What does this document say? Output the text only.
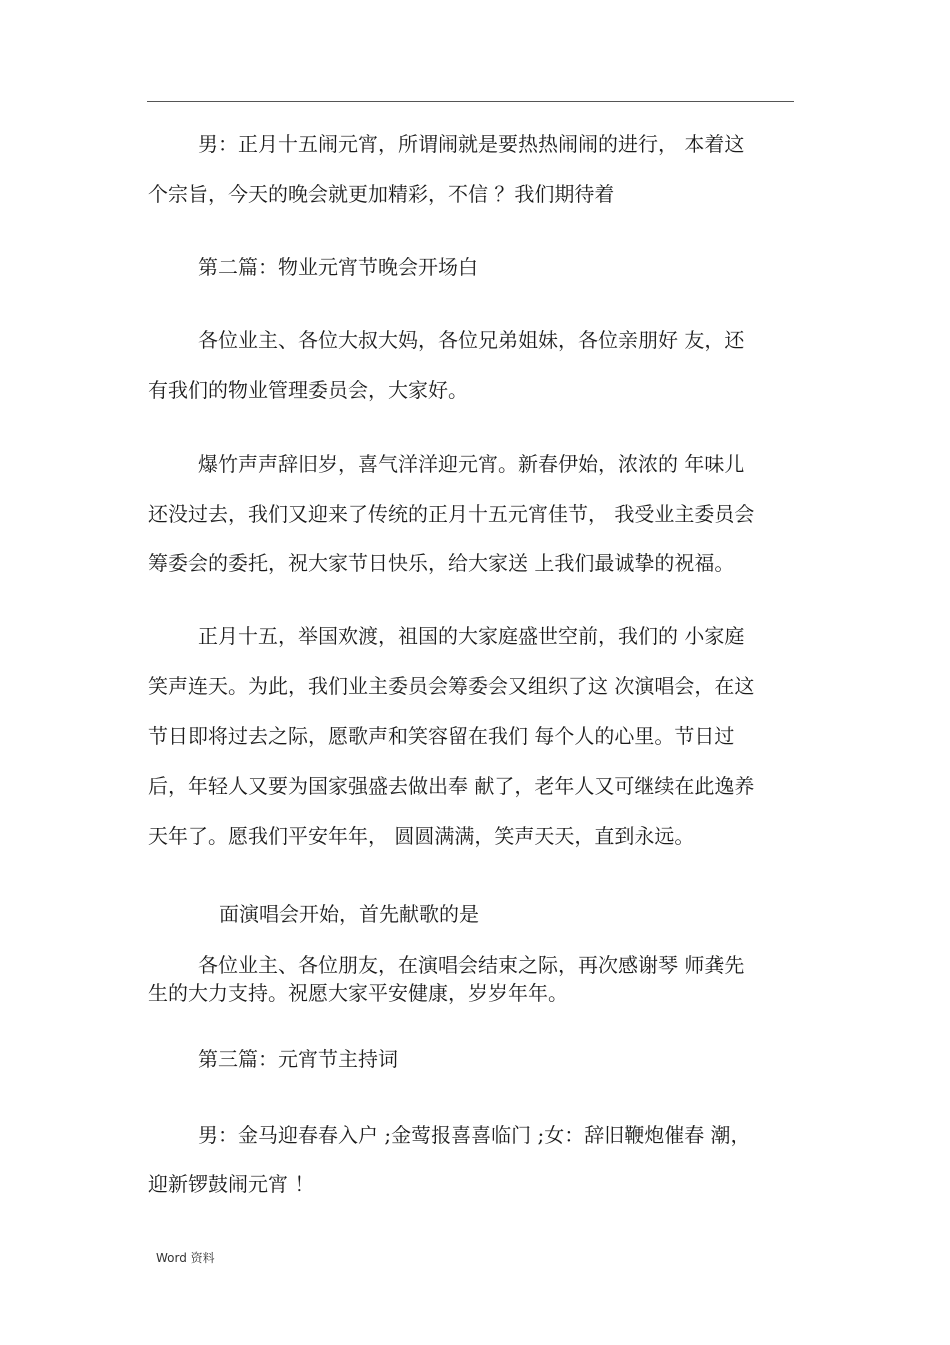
男：正月十五闹元宵，所谓闹就是要热热闹闹的进行， 本着这
个宗旨，今天的晚会就更加精彩，不信 ？我们期待着
第二篇：物业元宵节晚会开场白
各位业主、各位大叔大妈，各位兄弟姐妹，各位亲朋好 友，还
有我们的物业管理委员会，大家好。
爆竹声声辞旧岁，喜气洋洋迎元宵。新春伊始，浓浓的 年味儿
还没过去，我们又迎来了传统的正月十五元宵佳节， 我受业主委员会
筹委会的委托，祝大家节日快乐，给大家送 上我们最诚挚的祝福。
正月十五，举国欢渡，祖国的大家庭盛世空前，我们的 小家庭
笑声连天。为此，我们业主委员会筹委会又组织了这 次演唱会，在这
节日即将过去之际，愿歌声和笑容留在我们 每个人的心里。节日过
后，年轻人又要为国家强盛去做出奉 献了，老年人又可继续在此逸养
天年了。愿我们平安年年， 圆圆满满，笑声天天，直到永远。
面演唱会开始，首先献歌的是
各位业主、各位朋友，在演唱会结束之际，再次感谢琴 师龚先
生的大力支持。祝愿大家平安健康，岁岁年年。
第三篇：元宵节主持词
男：金马迎春春入户 ;金莺报喜喜临门 ;女：辞旧鞭炮催春 潮，
迎新锣鼓闹元宵 ！
Word 资料
